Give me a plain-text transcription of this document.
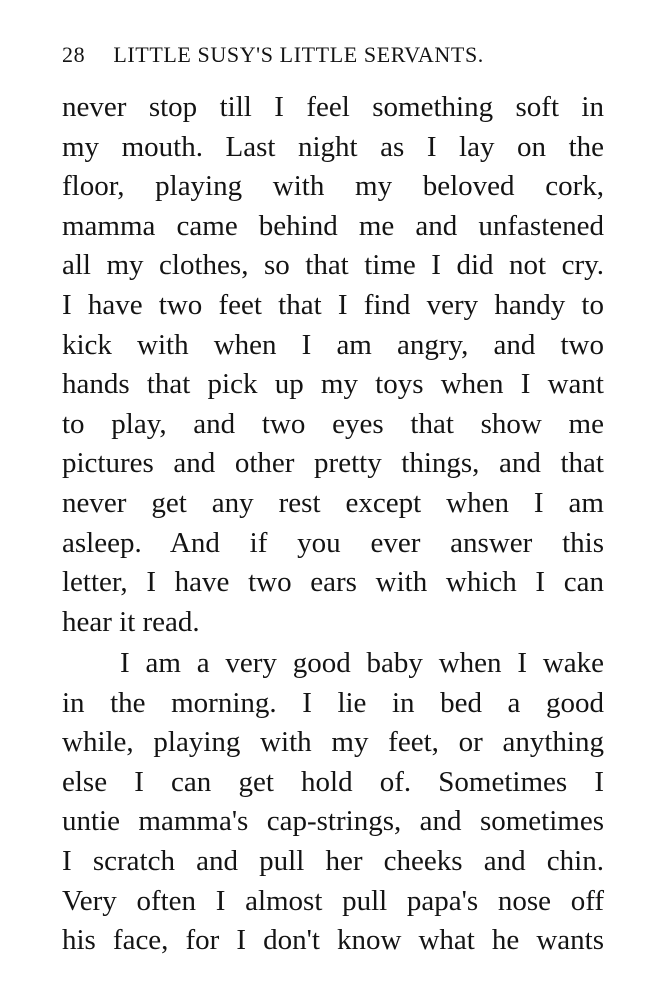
28 LITTLE SUSY'S LITTLE SERVANTS.
never stop till I feel something soft in
my mouth. Last night as I lay on the
floor, playing with my beloved cork,
mamma came behind me and unfastened
all my clothes, so that time I did not cry.
I have two feet that I find very handy to
kick with when I am angry, and two
hands that pick up my toys when I want
to play, and two eyes that show me
pictures and other pretty things, and that
never get any rest except when I am
asleep. And if you ever answer this
letter, I have two ears with which I can
hear it read.
I am a very good baby when I wake
in the morning. I lie in bed a good
while, playing with my feet, or anything
else I can get hold of. Sometimes I
untie mamma's cap-strings, and sometimes
I scratch and pull her cheeks and chin.
Very often I almost pull papa's nose off
his face, for I don't know what he wants
